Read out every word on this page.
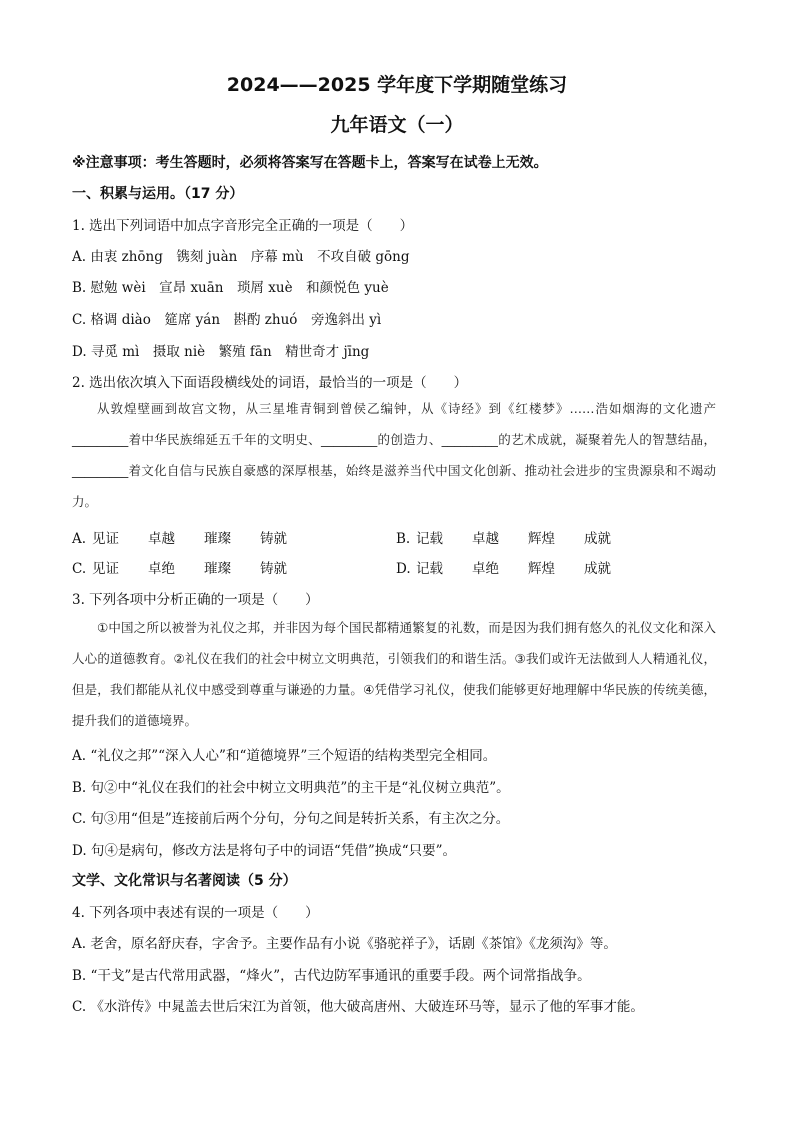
2024——2025 学年度下学期随堂练习
九年语文（一）
※注意事项：考生答题时，必须将答案写在答题卡上，答案写在试卷上无效。
一、积累与运用。（17 分）
1. 选出下列词语中加点字音形完全正确的一项是（　　）
A. 由衷 zhōng　镌刻 juàn　序幕 mù　不攻自破 gōng
B. 慰勉 wèi　宣昂 xuān　琐屑 xuè　和颜悦色 yuè
C. 格调 diào　筵席 yán　斟酌 zhuó　旁逸斜出 yì
D. 寻觅 mì　摄取 niè　繁殖 fān　精世奇才 jīng
2. 选出依次填入下面语段横线处的词语，最恰当的一项是（　　）
从敦煌壁画到故宫文物，从三星堆青铜到曾侯乙编钟，从《诗经》到《红楼梦》……浩如烟海的文化遗产_________着中华民族绵延五千年的文明史、_________的创造力、_________的艺术成就，凝聚着先人的智慧结晶，_________着文化自信与民族自豪感的深厚根基，始终是滋养当代中国文化创新、推动社会进步的宝贵源泉和不竭动力。
A. 见证 卓越 璀璨 铸就	B. 记载 卓越 辉煌 成就
C. 见证 卓绝 璀璨 铸就	D. 记载 卓绝 辉煌 成就
3. 下列各项中分析正确的一项是（　　）
①中国之所以被誉为礼仪之邦，并非因为每个国民都精通繁复的礼数，而是因为我们拥有悠久的礼仪文化和深入人心的道德教育。②礼仪在我们的社会中树立文明典范，引领我们的和谐生活。③我们或许无法做到人人精通礼仪，但是，我们都能从礼仪中感受到尊重与谦逊的力量。④凭借学习礼仪，使我们能够更好地理解中华民族的传统美德，提升我们的道德境界。
A. “礼仪之邦”“深入人心”和“道德境界”三个短语的结构类型完全相同。
B. 句②中“礼仪在我们的社会中树立文明典范”的主干是“礼仪树立典范”。
C. 句③用“但是”连接前后两个分句，分句之间是转折关系，有主次之分。
D. 句④是病句，修改方法是将句子中的词语“凭借”换成“只要”。
文学、文化常识与名著阅读（5 分）
4. 下列各项中表述有误的一项是（　　）
A. 老舍，原名舒庆春，字舍予。主要作品有小说《骆驼祥子》，话剧《茶馆》《龙须沟》等。
B. “干戈”是古代常用武器，“烽火”，古代边防军事通讯的重要手段。两个词常指战争。
C. 《水浒传》中晁盖去世后宋江为首领，他大破高唐州、大破连环马等，显示了他的军事才能。
